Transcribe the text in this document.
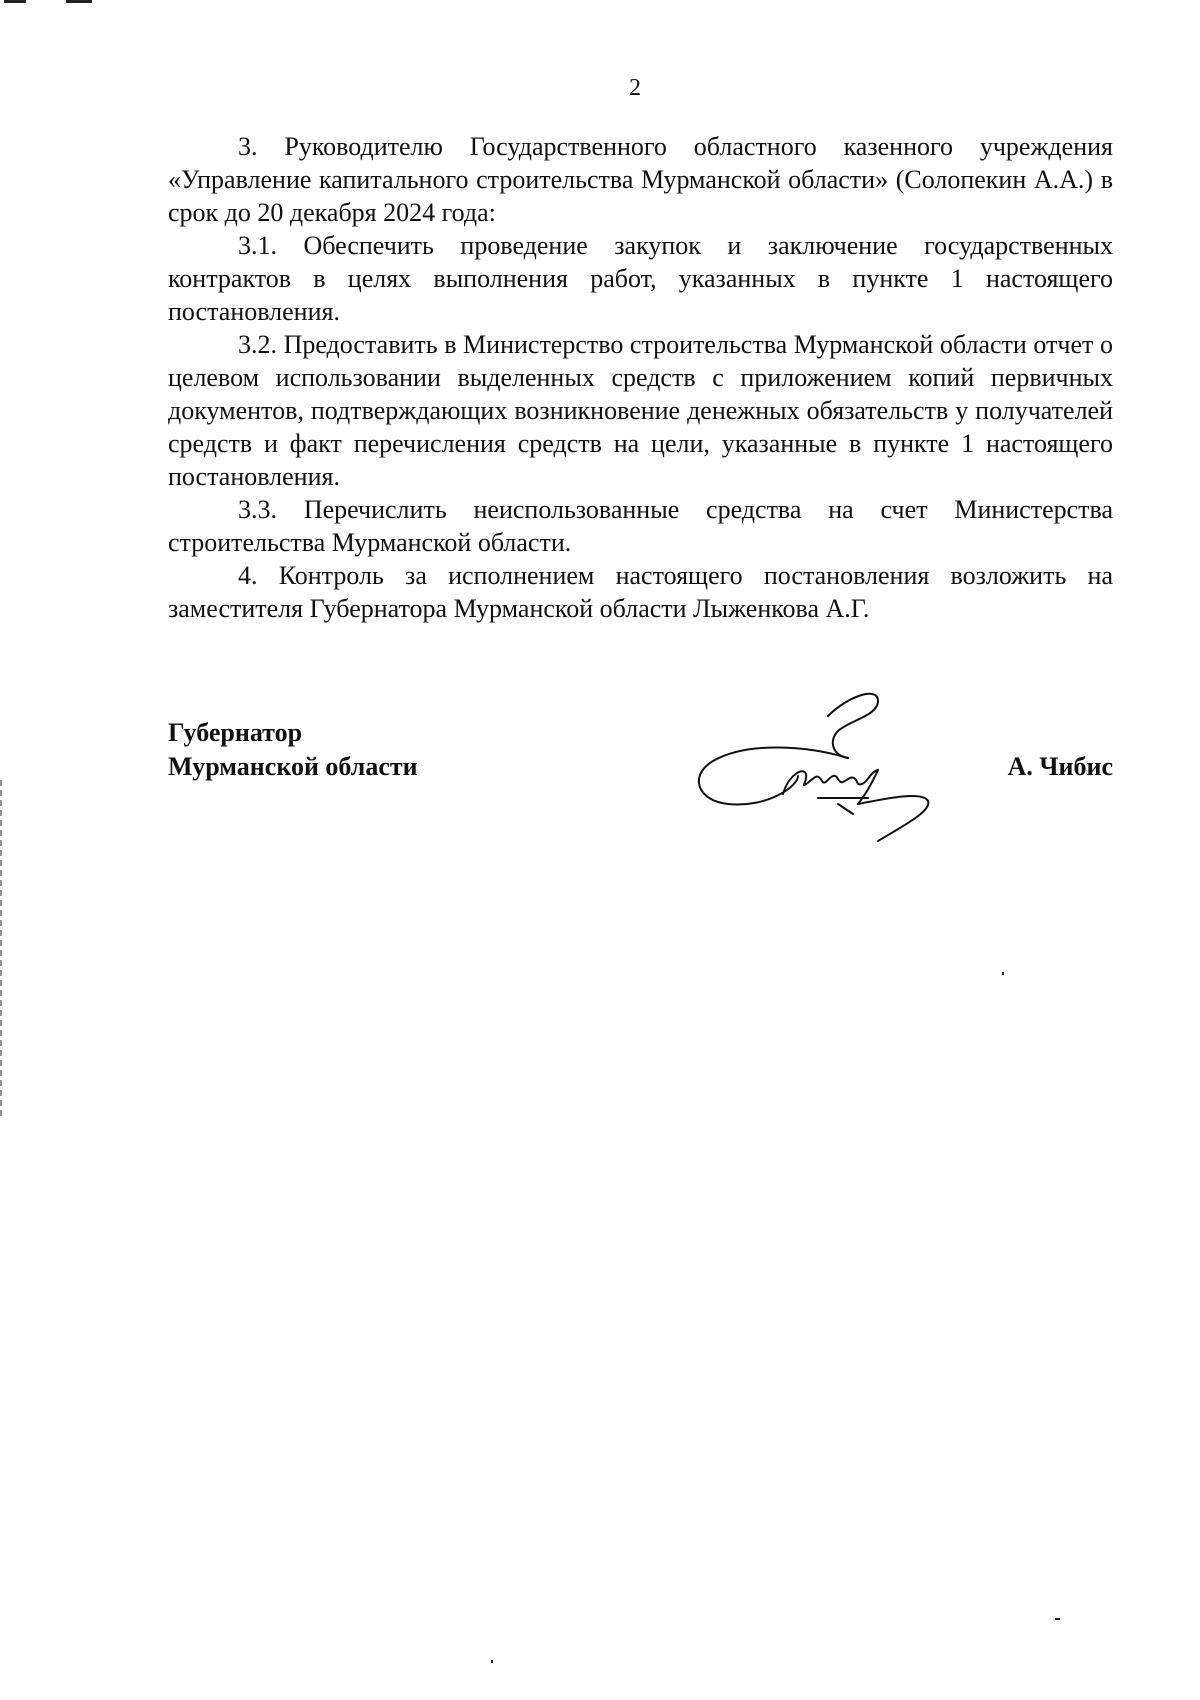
2

3. Руководителю Государственного областного казенного учреждения «Управление капитального строительства Мурманской области» (Солопекин А.А.) в срок до 20 декабря 2024 года:

3.1. Обеспечить проведение закупок и заключение государственных контрактов в целях выполнения работ, указанных в пункте 1 настоящего постановления.

3.2. Предоставить в Министерство строительства Мурманской области отчет о целевом использовании выделенных средств с приложением копий первичных документов, подтверждающих возникновение денежных обязательств у получателей средств и факт перечисления средств на цели, указанные в пункте 1 настоящего постановления.

3.3. Перечислить неиспользованные средства на счет Министерства строительства Мурманской области.

4. Контроль за исполнением настоящего постановления возложить на заместителя Губернатора Мурманской области Лыженкова А.Г.

Губернатор
Мурманской области	А. Чибис
